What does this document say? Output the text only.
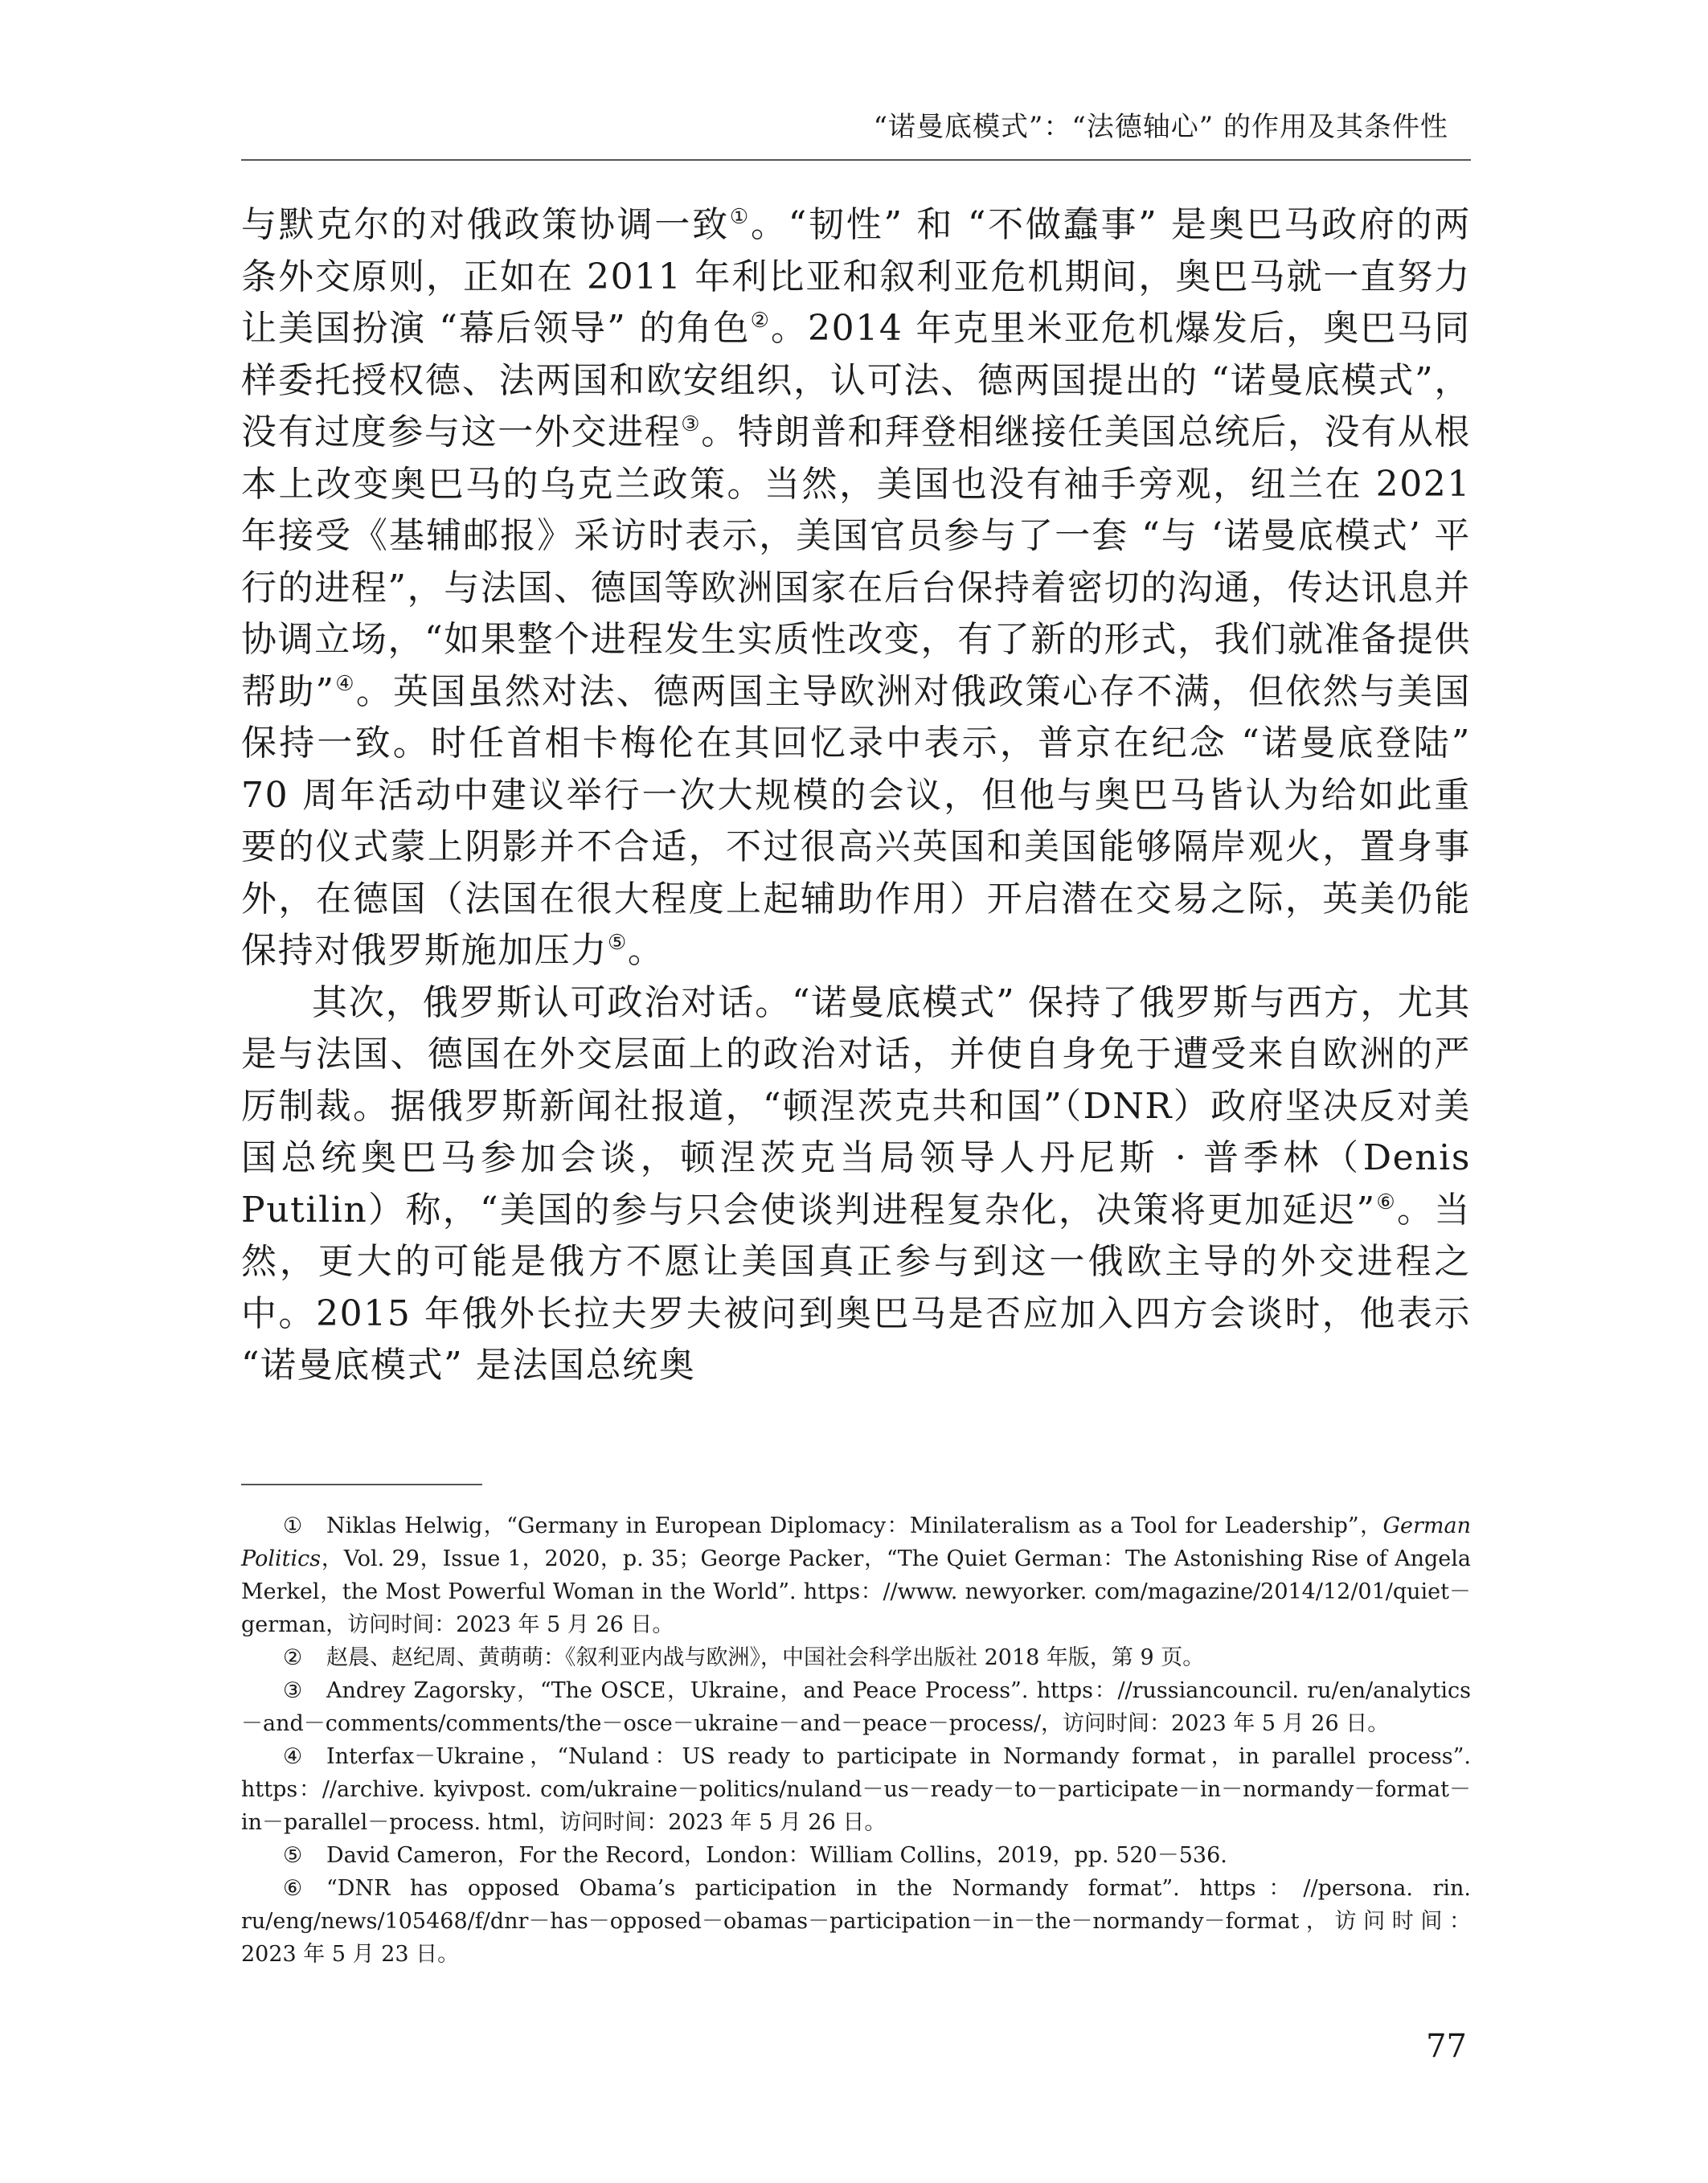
“诺曼底模式”：“法德轴心” 的作用及其条件性

与默克尔的对俄政策协调一致①。“韧性” 和 “不做蠢事” 是奥巴马政府的两条外交原则，正如在 2011 年利比亚和叙利亚危机期间，奥巴马就一直努力让美国扮演 “幕后领导” 的角色②。2014 年克里米亚危机爆发后，奥巴马同样委托授权德、法两国和欧安组织，认可法、德两国提出的 “诺曼底模式”，没有过度参与这一外交进程③。特朗普和拜登相继接任美国总统后，没有从根本上改变奥巴马的乌克兰政策。当然，美国也没有袖手旁观，纽兰在 2021 年接受《基辅邮报》采访时表示，美国官员参与了一套 “与 ‘诺曼底模式’ 平行的进程”，与法国、德国等欧洲国家在后台保持着密切的沟通，传达讯息并协调立场，“如果整个进程发生实质性改变，有了新的形式，我们就准备提供帮助”④。英国虽然对法、德两国主导欧洲对俄政策心存不满，但依然与美国保持一致。时任首相卡梅伦在其回忆录中表示，普京在纪念 “诺曼底登陆” 70 周年活动中建议举行一次大规模的会议，但他与奥巴马皆认为给如此重要的仪式蒙上阴影并不合适，不过很高兴英国和美国能够隔岸观火，置身事外，在德国（法国在很大程度上起辅助作用）开启潜在交易之际，英美仍能保持对俄罗斯施加压力⑤。

其次，俄罗斯认可政治对话。“诺曼底模式” 保持了俄罗斯与西方，尤其是与法国、德国在外交层面上的政治对话，并使自身免于遭受来自欧洲的严厉制裁。据俄罗斯新闻社报道，“顿涅茨克共和国”（DNR）政府坚决反对美国总统奥巴马参加会谈，顿涅茨克当局领导人丹尼斯 · 普季林（Denis Putilin）称，“美国的参与只会使谈判进程复杂化，决策将更加延迟”⑥。当然，更大的可能是俄方不愿让美国真正参与到这一俄欧主导的外交进程之中。2015 年俄外长拉夫罗夫被问到奥巴马是否应加入四方会谈时，他表示 “诺曼底模式” 是法国总统奥

① Niklas Helwig，“Germany in European Diplomacy：Minilateralism as a Tool for Leadership”，German Politics，Vol. 29，Issue 1，2020，p. 35；George Packer，“The Quiet German：The Astonishing Rise of Angela Merkel，the Most Powerful Woman in the World”. https：//www. newyorker. com/magazine/2014/12/01/quiet－german，访问时间：2023 年 5 月 26 日。

② 赵晨、赵纪周、黄萌萌：《叙利亚内战与欧洲》，中国社会科学出版社 2018 年版，第 9 页。

③ Andrey Zagorsky，“The OSCE，Ukraine，and Peace Process”. https：//russiancouncil. ru/en/analytics－and－comments/comments/the－osce－ukraine－and－peace－process/，访问时间：2023 年 5 月 26 日。

④ Interfax－Ukraine，“Nuland：US ready to participate in Normandy format，in parallel process”. https：//archive. kyivpost. com/ukraine－politics/nuland－us－ready－to－participate－in－normandy－format－in－parallel－process. html，访问时间：2023 年 5 月 26 日。

⑤ David Cameron，For the Record，London：William Collins，2019，pp. 520－536.

⑥ “DNR has opposed Obama’s participation in the Normandy format”. https：//persona. rin. ru/eng/news/105468/f/dnr－has－opposed－obamas－participation－in－the－normandy－format，访问时间：2023 年 5 月 23 日。

77
